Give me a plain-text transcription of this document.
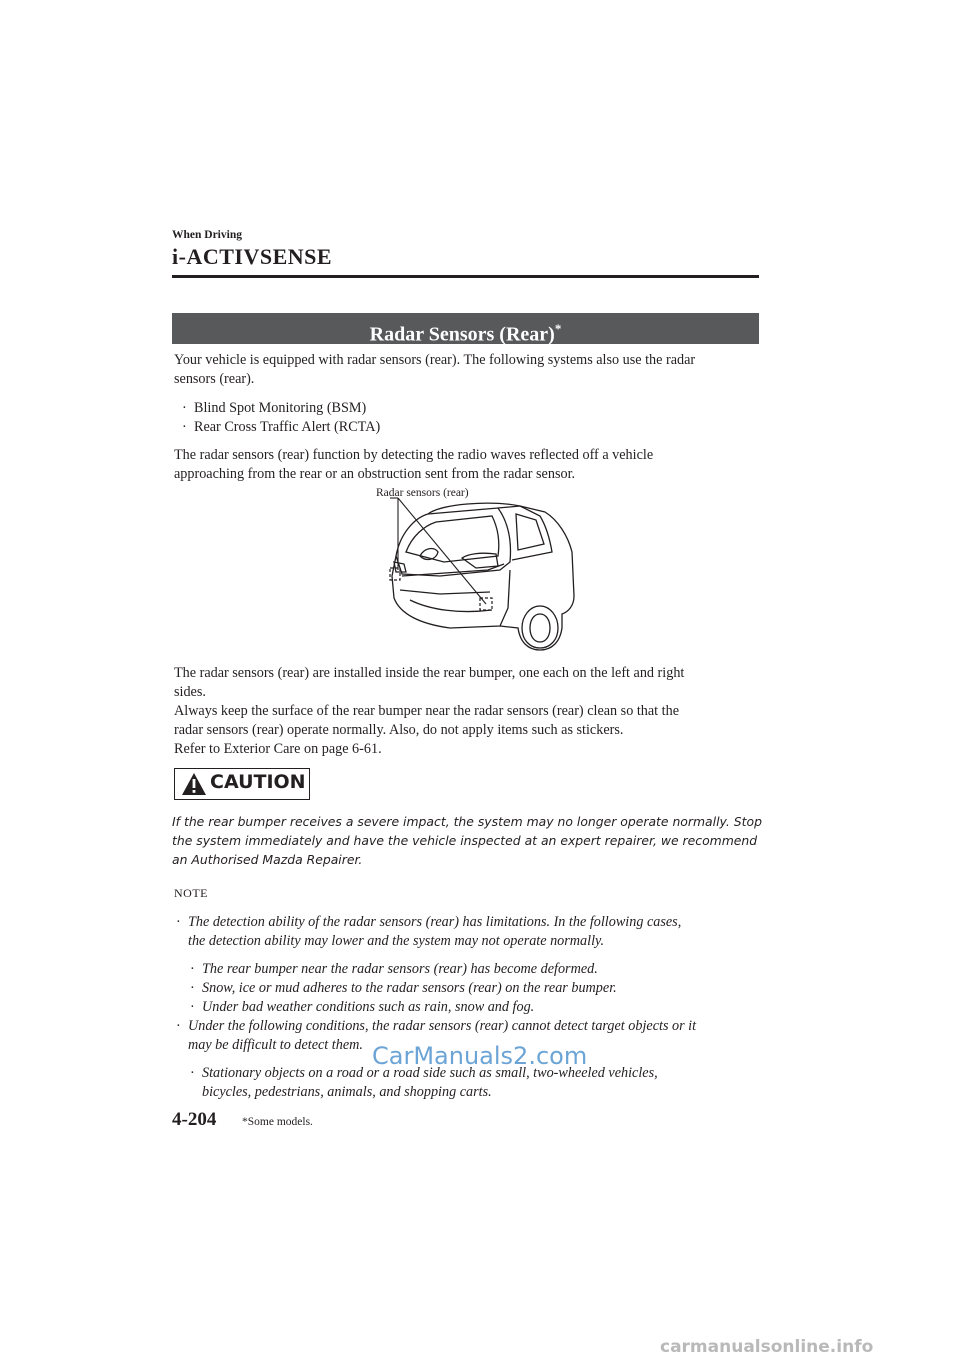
When Driving
i-ACTIVSENSE
Radar Sensors (Rear)*
Your vehicle is equipped with radar sensors (rear). The following systems also use the radar
sensors (rear).
· Blind Spot Monitoring (BSM)
· Rear Cross Traffic Alert (RCTA)
The radar sensors (rear) function by detecting the radio waves reflected off a vehicle
approaching from the rear or an obstruction sent from the radar sensor.
Radar sensors (rear)
The radar sensors (rear) are installed inside the rear bumper, one each on the left and right
sides.
Always keep the surface of the rear bumper near the radar sensors (rear) clean so that the
radar sensors (rear) operate normally. Also, do not apply items such as stickers.
Refer to Exterior Care on page 6-61.
CAUTION
If the rear bumper receives a severe impact, the system may no longer operate normally. Stop
the system immediately and have the vehicle inspected at an expert repairer, we recommend
an Authorised Mazda Repairer.
NOTE
· The detection ability of the radar sensors (rear) has limitations. In the following cases,
the detection ability may lower and the system may not operate normally.
· The rear bumper near the radar sensors (rear) has become deformed.
· Snow, ice or mud adheres to the radar sensors (rear) on the rear bumper.
· Under bad weather conditions such as rain, snow and fog.
· Under the following conditions, the radar sensors (rear) cannot detect target objects or it
may be difficult to detect them.
· Stationary objects on a road or a road side such as small, two-wheeled vehicles,
bicycles, pedestrians, animals, and shopping carts.
CarManuals2.com
4-204 *Some models.
carmanualsonline.info
